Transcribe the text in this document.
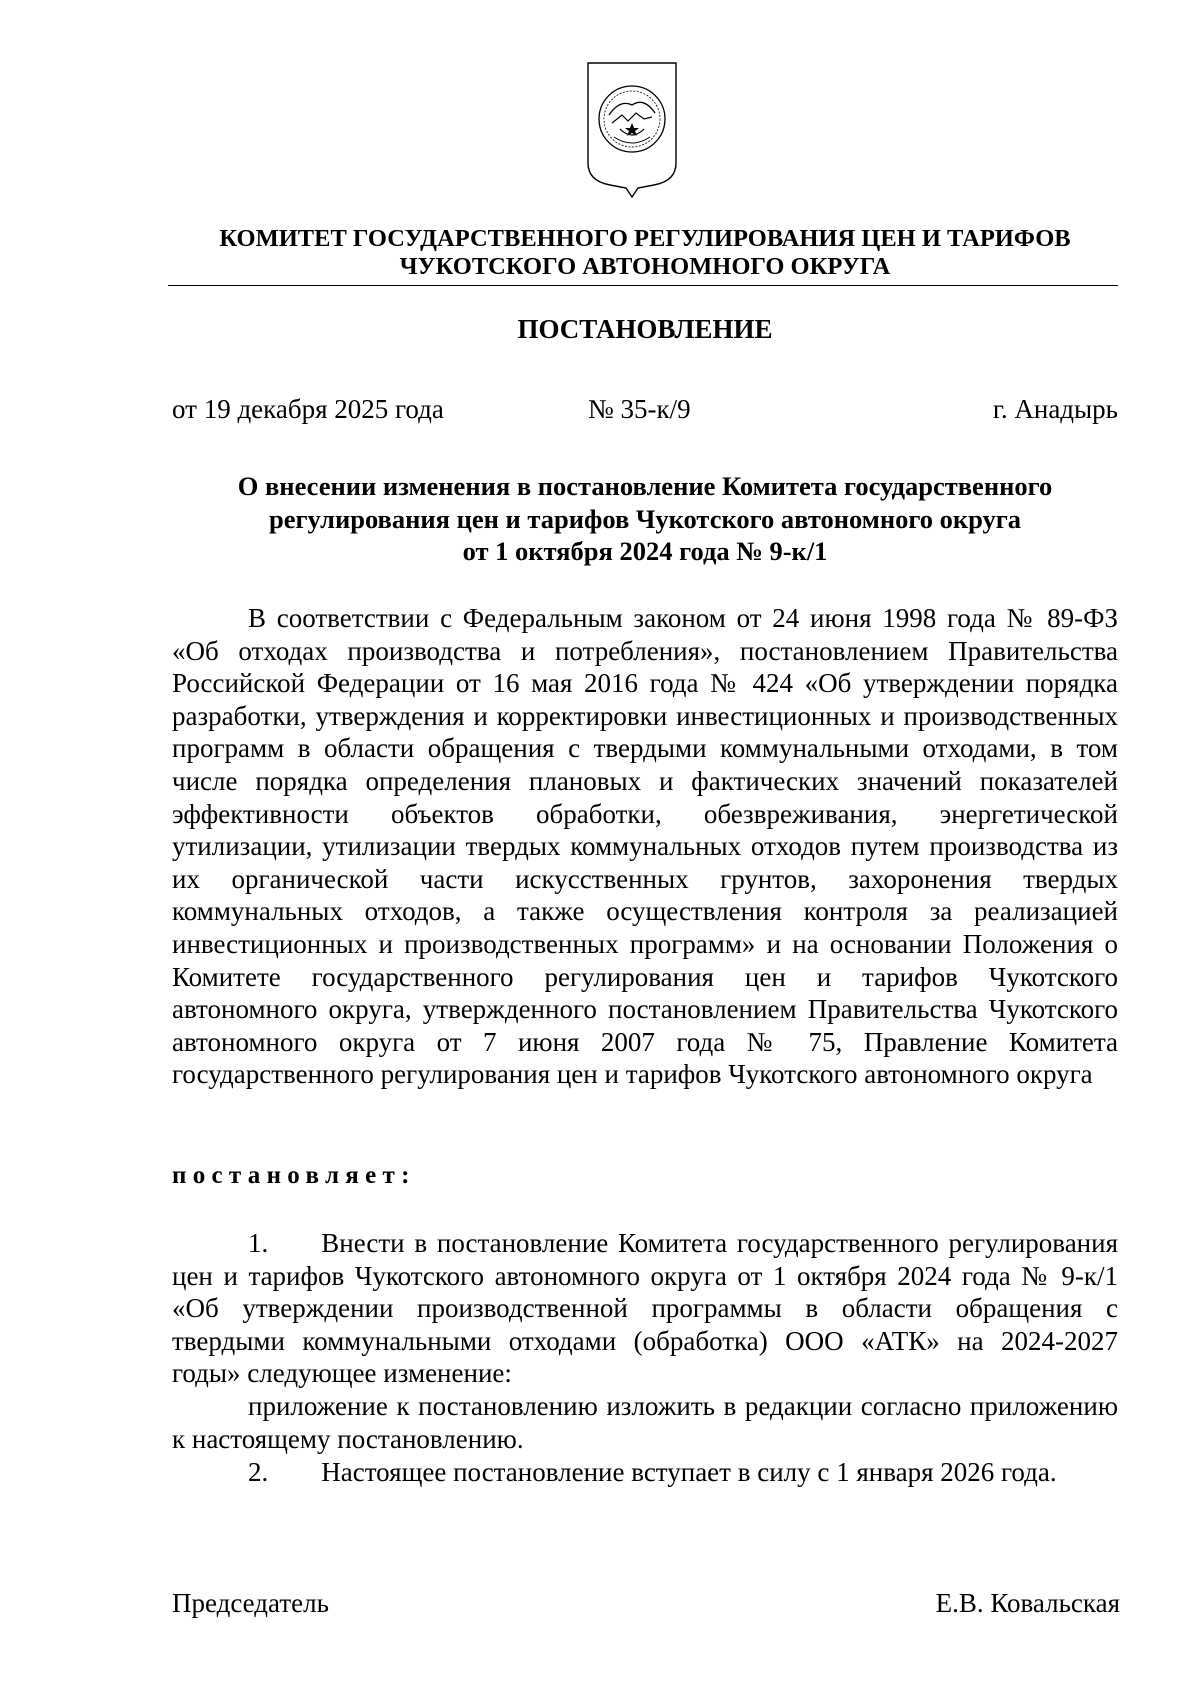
КОМИТЕТ ГОСУДАРСТВЕННОГО РЕГУЛИРОВАНИЯ ЦЕН И ТАРИФОВ
ЧУКОТСКОГО АВТОНОМНОГО ОКРУГА
ПОСТАНОВЛЕНИЕ
от 19 декабря 2025 года	№ 35-к/9	г. Анадырь
О внесении изменения в постановление Комитета государственного
регулирования цен и тарифов Чукотского автономного округа
от 1 октября 2024 года № 9-к/1
В соответствии с Федеральным законом от 24 июня 1998 года № 89-ФЗ «Об отходах производства и потребления», постановлением Правительства Российской Федерации от 16 мая 2016 года № 424 «Об утверждении порядка разработки, утверждения и корректировки инвестиционных и производственных программ в области обращения с твердыми коммунальными отходами, в том числе порядка определения плановых и фактических значений показателей эффективности объектов обработки, обезвреживания, энергетической утилизации, утилизации твердых коммунальных отходов путем производства из их органической части искусственных грунтов, захоронения твердых коммунальных отходов, а также осуществления контроля за реализацией инвестиционных и производственных программ» и на основании Положения о Комитете государственного регулирования цен и тарифов Чукотского автономного округа, утвержденного постановлением Правительства Чукотского автономного округа от 7 июня 2007 года № 75, Правление Комитета государственного регулирования цен и тарифов Чукотского автономного округа
постановляет:
1. Внести в постановление Комитета государственного регулирования цен и тарифов Чукотского автономного округа от 1 октября 2024 года № 9-к/1 «Об утверждении производственной программы в области обращения с твердыми коммунальными отходами (обработка) ООО «АТК» на 2024-2027 годы» следующее изменение:
приложение к постановлению изложить в редакции согласно приложению к настоящему постановлению.
2. Настоящее постановление вступает в силу с 1 января 2026 года.
Председатель	Е.В. Ковальская
